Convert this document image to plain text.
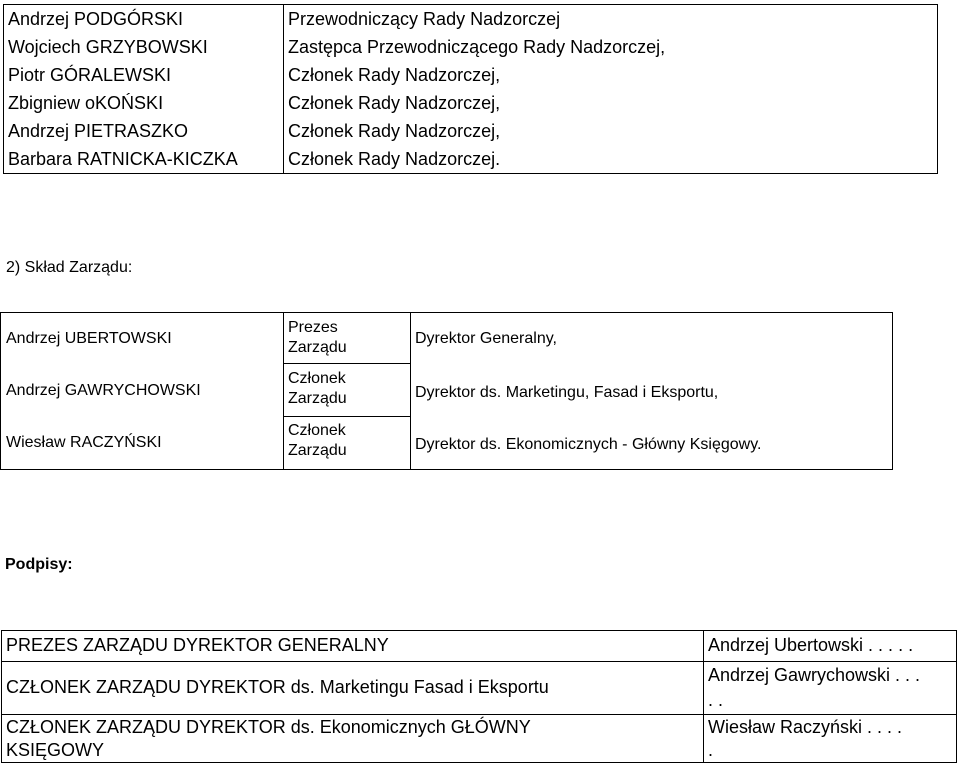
Andrzej PODGÓRSKI
Wojciech GRZYBOWSKI
Piotr GÓRALEWSKI
Zbigniew oKOŃSKI
Andrzej PIETRASZKO
Barbara RATNICKA-KICZKA
Przewodniczący Rady Nadzorczej
Zastępca Przewodniczącego Rady Nadzorczej,
Członek Rady Nadzorczej,
Członek Rady Nadzorczej,
Członek Rady Nadzorczej,
Członek Rady Nadzorczej.
2) Skład Zarządu:
Andrzej UBERTOWSKI
Andrzej GAWRYCHOWSKI
Wiesław RACZYŃSKI
Prezes
Zarządu
Członek
Zarządu
Członek
Zarządu
Dyrektor Generalny,
Dyrektor ds. Marketingu, Fasad i Eksportu,
Dyrektor ds. Ekonomicznych - Główny Księgowy.
Podpisy:
PREZES ZARZĄDU DYREKTOR GENERALNY	Andrzej Ubertowski . . . . .
CZŁONEK ZARZĄDU DYREKTOR ds. Marketingu Fasad i Eksportu
Andrzej Gawrychowski . . .
. .
CZŁONEK ZARZĄDU DYREKTOR ds. Ekonomicznych GŁÓWNY
KSIĘGOWY
Wiesław Raczyński . . . .
.
